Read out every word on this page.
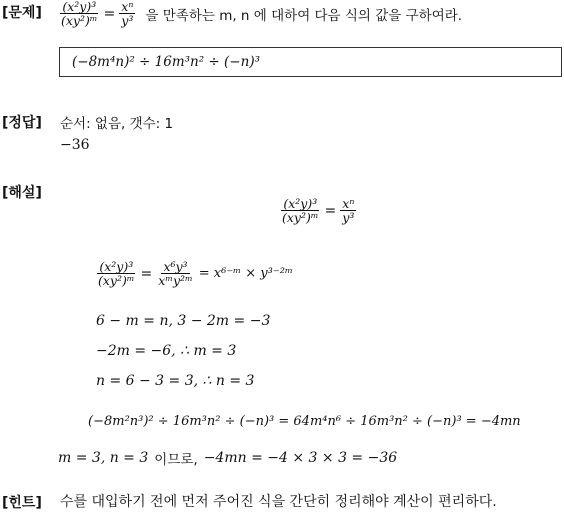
[문제] $\frac{\text{(x²y)³}}{\text{(xy²)ᵐ}} = \frac{\text{xⁿ}}{\text{y³}}$ 을 만족하는 m, n 에 대하여 다음 식의 값을 구하여라.
(−8m⁴n)² ÷ 16m³n² ÷ (−n)³
[정답] 순서: 없음, 갯수: 1
−36
[해설]
$\frac{\text{(x²y)³}}{\text{(xy²)ᵐ}} = \frac{\text{xⁿ}}{\text{y³}}$
$\frac{\text{(x²y)³}}{\text{(xy²)ᵐ}} = \frac{\text{x⁶y³}}{\text{xᵐy²ᵐ}}$ = x⁶⁻ᵐ × y³⁻²ᵐ
6 − m = n, 3 − 2m = −3
−2m = −6, ∴ m = 3
n = 6 − 3 = 3, ∴ n = 3
(−8m²n³)² ÷ 16m³n² ÷ (−n)³ = 64m⁴n⁶ ÷ 16m³n² ÷ (−n)³ = −4mn
m = 3, n = 3 이므로, −4mn = −4 × 3 × 3 = −36
[힌트] 수를 대입하기 전에 먼저 주어진 식을 간단히 정리해야 계산이 편리하다.
